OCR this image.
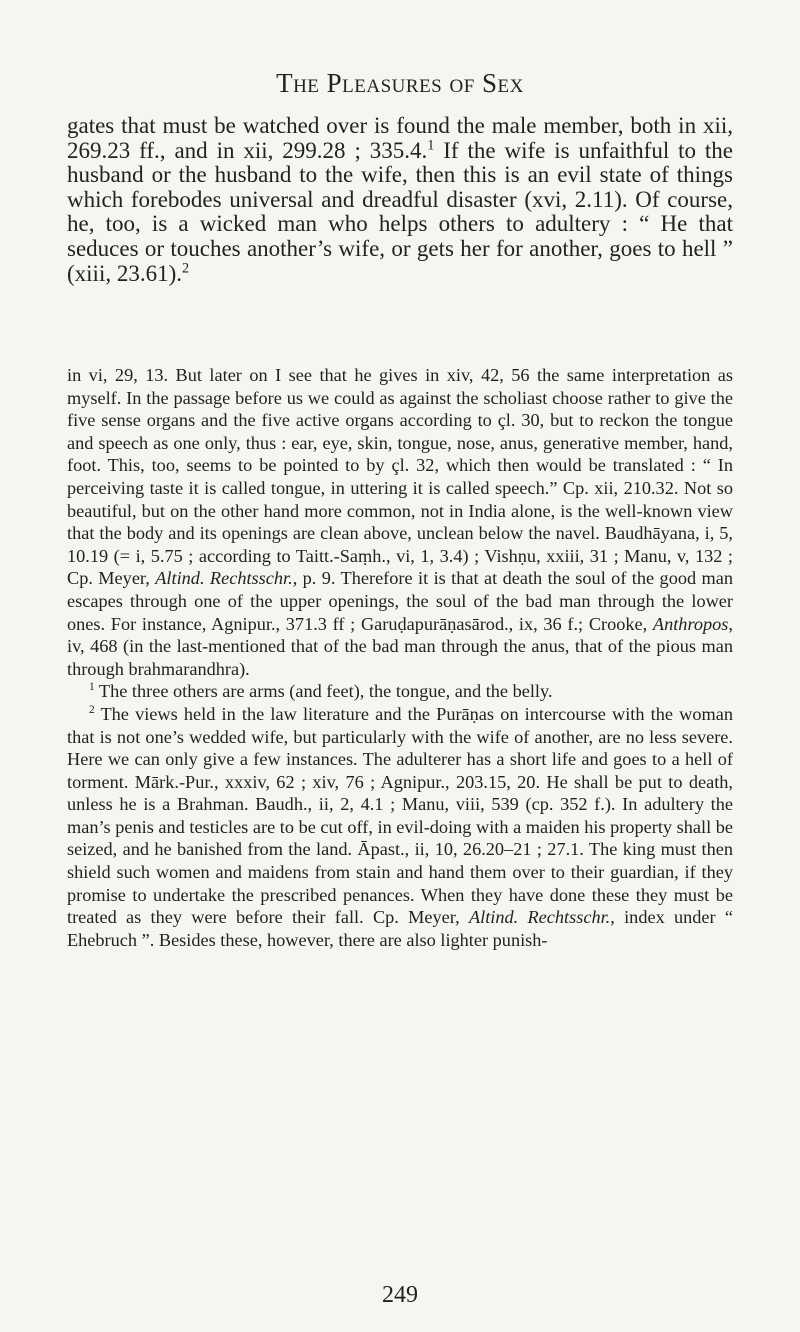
The Pleasures of Sex

gates that must be watched over is found the male member, both in xii, 269.23 ff., and in xii, 299.28 ; 335.4.$^1$ If the wife is unfaithful to the husband or the husband to the wife, then this is an evil state of things which forebodes universal and dreadful disaster (xvi, 2.11). Of course, he, too, is a wicked man who helps others to adultery : “ He that seduces or touches another’s wife, or gets her for another, goes to hell ” (xiii, 23.61).$^2$

in vi, 29, 13. But later on I see that he gives in xiv, 42, 56 the same interpretation as myself. In the passage before us we could as against the scholiast choose rather to give the five sense organs and the five active organs according to çl. 30, but to reckon the tongue and speech as one only, thus : ear, eye, skin, tongue, nose, anus, generative member, hand, foot. This, too, seems to be pointed to by çl. 32, which then would be translated : “ In perceiving taste it is called tongue, in uttering it is called speech.” Cp. xii, 210.32. Not so beautiful, but on the other hand more common, not in India alone, is the well-known view that the body and its openings are clean above, unclean below the navel. Baudhāyana, i, 5, 10.19 (= i, 5.75 ; according to Taitt.-Saṃh., vi, 1, 3.4) ; Vishṇu, xxiii, 31 ; Manu, v, 132 ; Cp. Meyer, Altind. Rechtsschr., p. 9. Therefore it is that at death the soul of the good man escapes through one of the upper openings, the soul of the bad man through the lower ones. For instance, Agnipur., 371.3 ff ; Garuḍapurāṇasārod., ix, 36 f.; Crooke, Anthropos, iv, 468 (in the last-mentioned that of the bad man through the anus, that of the pious man through brahmarandhra).

$^1$ The three others are arms (and feet), the tongue, and the belly.

$^2$ The views held in the law literature and the Purāṇas on intercourse with the woman that is not one’s wedded wife, but particularly with the wife of another, are no less severe. Here we can only give a few instances. The adulterer has a short life and goes to a hell of torment. Mārk.-Pur., xxxiv, 62 ; xiv, 76 ; Agnipur., 203.15, 20. He shall be put to death, unless he is a Brahman. Baudh., ii, 2, 4.1 ; Manu, viii, 539 (cp. 352 f.). In adultery the man’s penis and testicles are to be cut off, in evil-doing with a maiden his property shall be seized, and he banished from the land. Āpast., ii, 10, 26.20–21 ; 27.1. The king must then shield such women and maidens from stain and hand them over to their guardian, if they promise to undertake the prescribed penances. When they have done these they must be treated as they were before their fall. Cp. Meyer, Altind. Rechtsschr., index under “ Ehebruch ”. Besides these, however, there are also lighter punish-

249
